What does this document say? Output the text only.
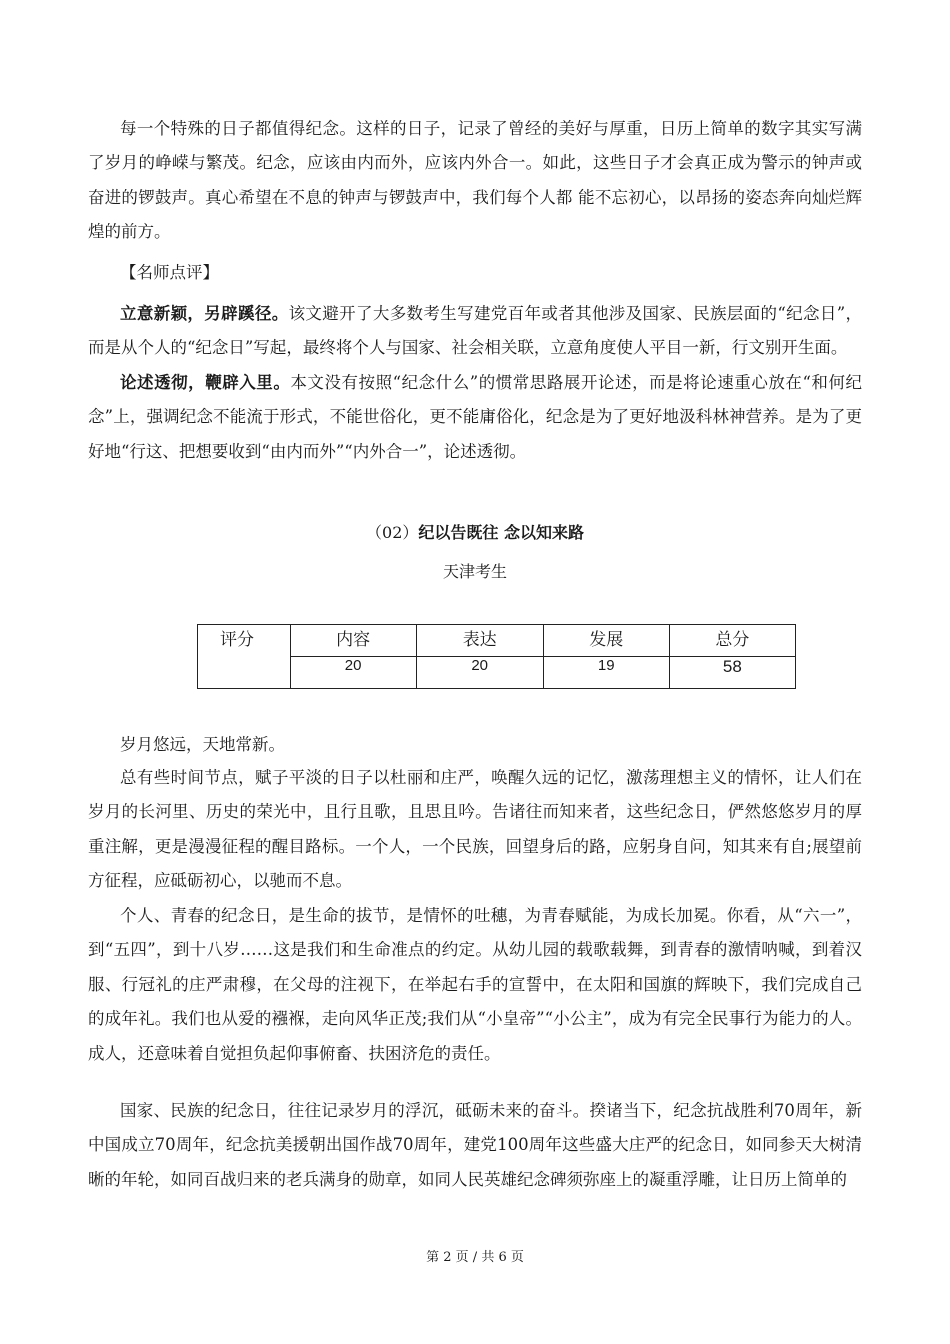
每一个特殊的日子都值得纪念。这样的日子，记录了曾经的美好与厚重，日历上简单的数字其实写满了岁月的峥嵘与繁茂。纪念，应该由内而外，应该内外合一。如此，这些日子才会真正成为警示的钟声或奋进的锣鼓声。真心希望在不息的钟声与锣鼓声中，我们每个人都 能不忘初心，以昂扬的姿态奔向灿烂辉煌的前方。

【名师点评】

立意新颖，另辟蹊径。该文避开了大多数考生写建党百年或者其他涉及国家、民族层面的“纪念日”，而是从个人的“纪念日”写起，最终将个人与国家、社会相关联，立意角度使人平目一新，行文别开生面。

论述透彻，鞭辟入里。本文没有按照“纪念什么”的惯常思路展开论述，而是将论速重心放在“和何纪念”上，强调纪念不能流于形式，不能世俗化，更不能庸俗化，纪念是为了更好地汲科林神营养。是为了更好地“行这、把想要收到“由内而外”“内外合一”，论述透彻。

（02）纪以告既往 念以知来路
天津考生
评分	内容	表达	发展	总分
	20	20	19	58

岁月悠远，天地常新。

总有些时间节点，赋子平淡的日子以杜丽和庄严，唤醒久远的记忆，激荡理想主义的情怀，让人们在岁月的长河里、历史的荣光中，且行且歌，且思且吟。告诸往而知来者，这些纪念日，俨然悠悠岁月的厚重注解，更是漫漫征程的醒目路标。一个人，一个民族，回望身后的路，应躬身自问，知其来有自;展望前方征程，应砥砺初心，以驰而不息。

个人、青春的纪念日，是生命的拔节，是情怀的吐穗，为青春赋能，为成长加冕。你看，从“六一”，到“五四”，到十八岁……这是我们和生命准点的约定。从幼儿园的载歌载舞，到青春的激情呐喊，到着汉服、行冠礼的庄严肃穆，在父母的注视下，在举起右手的宣誓中，在太阳和国旗的辉映下，我们完成自己的成年礼。我们也从爱的襁褓，走向风华正茂;我们从“小皇帝”“小公主”，成为有完全民事行为能力的人。成人，还意味着自觉担负起仰事俯畜、扶困济危的责任。

国家、民族的纪念日，往往记录岁月的浮沉，砥砺未来的奋斗。揆诸当下，纪念抗战胜利70周年，新中国成立70周年，纪念抗美援朝出国作战70周年，建党100周年这些盛大庄严的纪念日，如同参天大树清晰的年轮，如同百战归来的老兵满身的勋章，如同人民英雄纪念碑须弥座上的凝重浮雕，让日历上简单的

第 2 页 / 共 6 页
